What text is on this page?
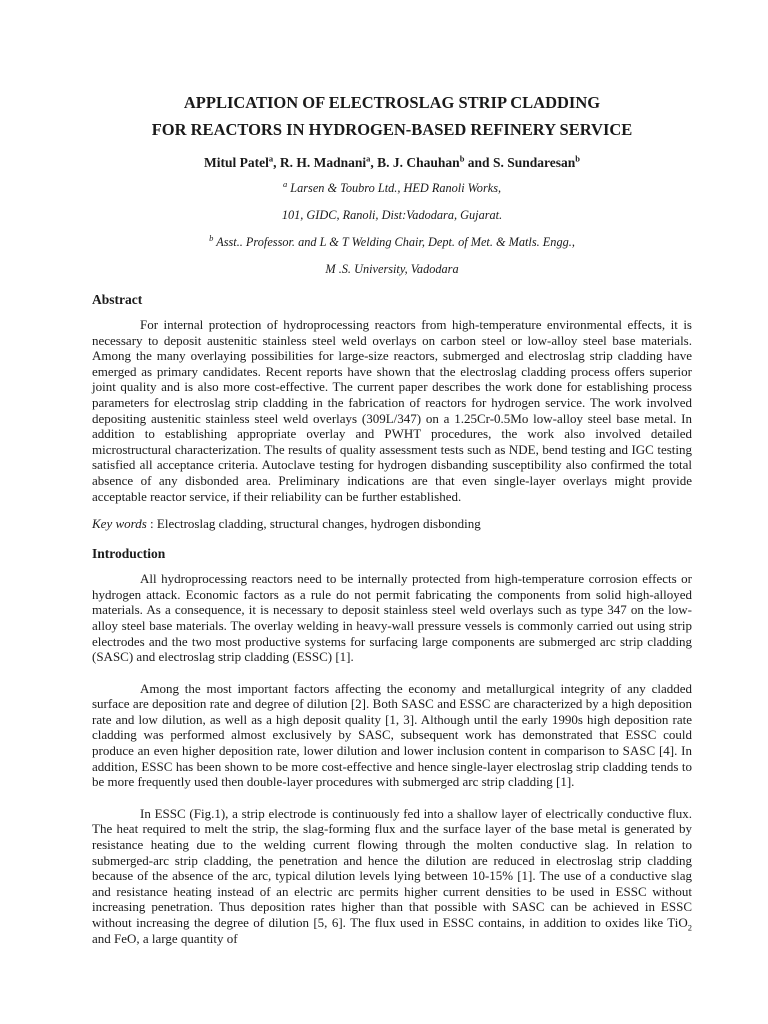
APPLICATION OF ELECTROSLAG STRIP CLADDING
FOR REACTORS IN HYDROGEN-BASED REFINERY SERVICE
Mitul Patel$^a$, R. H. Madnani$^a$, B. J. Chauhan$^b$ and S. Sundaresan$^b$

$^a$ Larsen & Toubro Ltd., HED Ranoli Works,

101, GIDC, Ranoli, Dist:Vadodara, Gujarat.

$^b$ Asst.. Professor. and L & T Welding Chair, Dept. of Met. & Matls. Engg.,

M .S. University, Vadodara

Abstract

For internal protection of hydroprocessing reactors from high-temperature environmental effects, it is necessary to deposit austenitic stainless steel weld overlays on carbon steel or low-alloy steel base materials. Among the many overlaying possibilities for large-size reactors, submerged and electroslag strip cladding have emerged as primary candidates. Recent reports have shown that the electroslag cladding process offers superior joint quality and is also more cost-effective. The current paper describes the work done for establishing process parameters for electroslag strip cladding in the fabrication of reactors for hydrogen service. The work involved depositing austenitic stainless steel weld overlays (309L/347) on a 1.25Cr-0.5Mo low-alloy steel base metal. In addition to establishing appropriate overlay and PWHT procedures, the work also involved detailed microstructural characterization. The results of quality assessment tests such as NDE, bend testing and IGC testing satisfied all acceptance criteria. Autoclave testing for hydrogen disbanding susceptibility also confirmed the total absence of any disbonded area. Preliminary indications are that even single-layer overlays might provide acceptable reactor service, if their reliability can be further established.

Key words : Electroslag cladding, structural changes, hydrogen disbonding

Introduction

All hydroprocessing reactors need to be internally protected from high-temperature corrosion effects or hydrogen attack. Economic factors as a rule do not permit fabricating the components from solid high-alloyed materials. As a consequence, it is necessary to deposit stainless steel weld overlays such as type 347 on the low-alloy steel base materials. The overlay welding in heavy-wall pressure vessels is commonly carried out using strip electrodes and the two most productive systems for surfacing large components are submerged arc strip cladding (SASC) and electroslag strip cladding (ESSC) [1].

Among the most important factors affecting the economy and metallurgical integrity of any cladded surface are deposition rate and degree of dilution [2]. Both SASC and ESSC are characterized by a high deposition rate and low dilution, as well as a high deposit quality [1, 3]. Although until the early 1990s high deposition rate cladding was performed almost exclusively by SASC, subsequent work has demonstrated that ESSC could produce an even higher deposition rate, lower dilution and lower inclusion content in comparison to SASC [4]. In addition, ESSC has been shown to be more cost-effective and hence single-layer electroslag strip cladding tends to be more frequently used then double-layer procedures with submerged arc strip cladding [1].

In ESSC (Fig.1), a strip electrode is continuously fed into a shallow layer of electrically conductive flux. The heat required to melt the strip, the slag-forming flux and the surface layer of the base metal is generated by resistance heating due to the welding current flowing through the molten conductive slag. In relation to submerged-arc strip cladding, the penetration and hence the dilution are reduced in electroslag strip cladding because of the absence of the arc, typical dilution levels lying between 10-15% [1]. The use of a conductive slag and resistance heating instead of an electric arc permits higher current densities to be used in ESSC without increasing penetration. Thus deposition rates higher than that possible with SASC can be achieved in ESSC without increasing the degree of dilution [5, 6]. The flux used in ESSC contains, in addition to oxides like TiO$_2$ and FeO, a large quantity of
